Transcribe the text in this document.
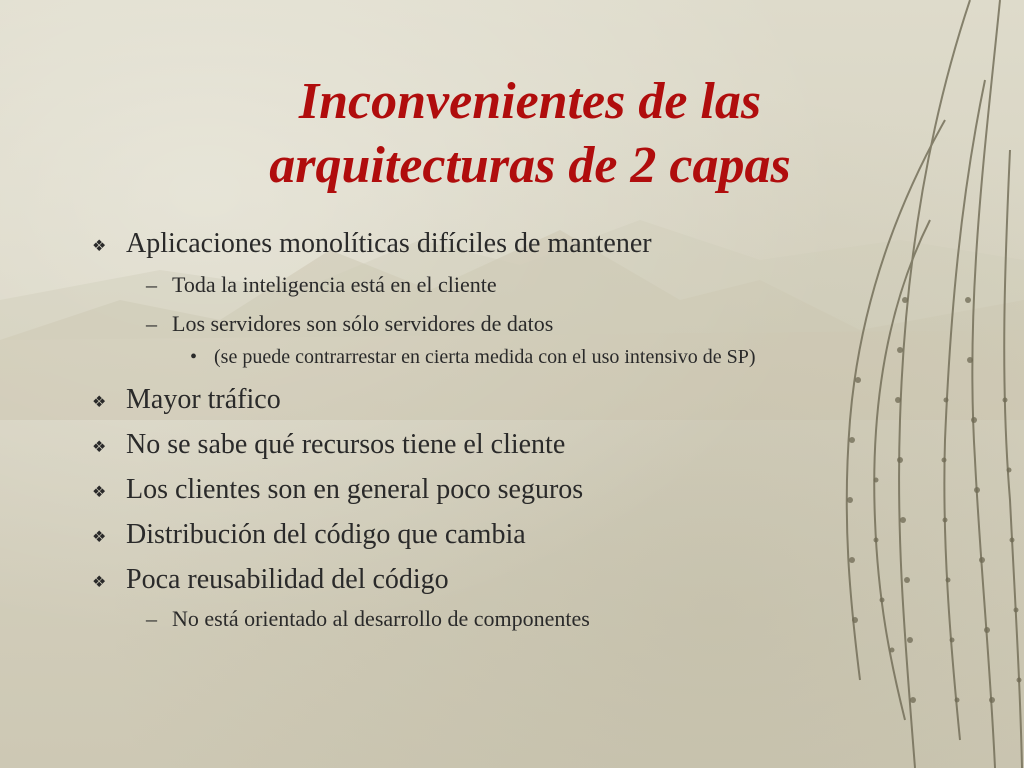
Inconvenientes de las
arquitecturas de 2 capas
❖ Aplicaciones monolíticas difíciles de mantener
– Toda la inteligencia está en el cliente
– Los servidores son sólo servidores de datos
• (se puede contrarrestar en cierta medida con el uso intensivo de SP)
❖ Mayor tráfico
❖ No se sabe qué recursos tiene el cliente
❖ Los clientes son en general poco seguros
❖ Distribución del código que cambia
❖ Poca reusabilidad del código
– No está orientado al desarrollo de componentes
